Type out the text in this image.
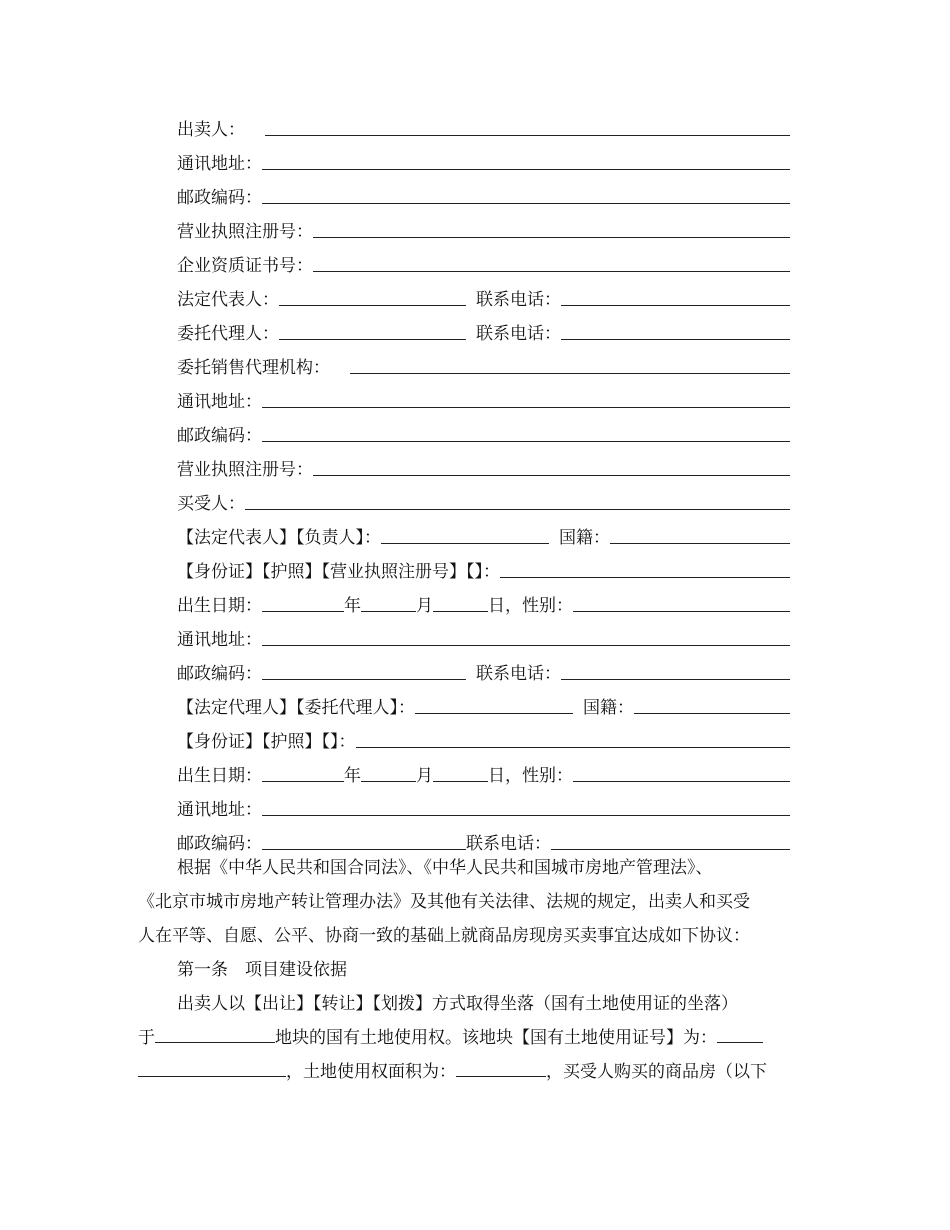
出卖人：
通讯地址：
邮政编码：
营业执照注册号：
企业资质证书号：
法定代表人：	联系电话：
委托代理人：	联系电话：
委托销售代理机构：
通讯地址：
邮政编码：
营业执照注册号：
买受人：
【法定代表人】【负责人】：	国籍：
【身份证】【护照】【营业执照注册号】【】：
出生日期：	年	月	日，性别：
通讯地址：
邮政编码：	联系电话：
【法定代理人】【委托代理人】：	国籍：
【身份证】【护照】【】：
出生日期：	年	月	日，性别：
通讯地址：
邮政编码：	联系电话：
根据《中华人民共和国合同法》、《中华人民共和国城市房地产管理法》、
《北京市城市房地产转让管理办法》及其他有关法律、法规的规定，出卖人和买受
人在平等、自愿、公平、协商一致的基础上就商品房现房买卖事宜达成如下协议：
第一条　项目建设依据
出卖人以【出让】【转让】【划拨】方式取得坐落（国有土地使用证的坐落）
于	地块的国有土地使用权。该地块【国有土地使用证号】为：
，土地使用权面积为：	，买受人购买的商品房（以下
